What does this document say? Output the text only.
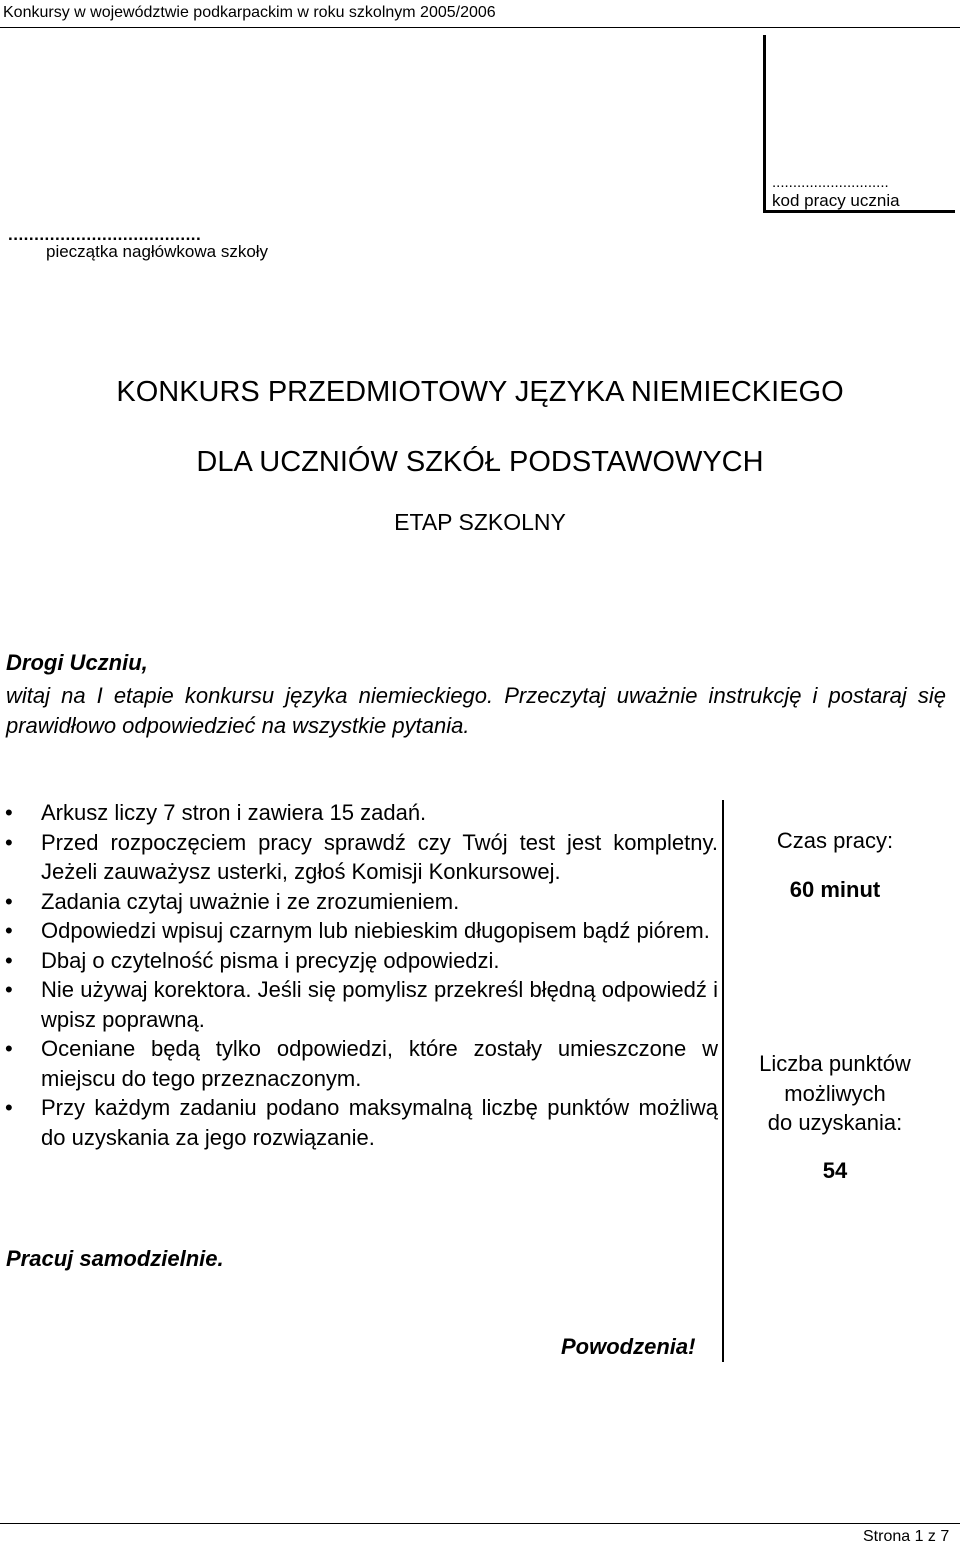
Konkursy w województwie podkarpackim w roku szkolnym 2005/2006
............................
kod pracy ucznia
.....................................
pieczątka nagłówkowa szkoły
KONKURS PRZEDMIOTOWY JĘZYKA NIEMIECKIEGO
DLA UCZNIÓW SZKÓŁ PODSTAWOWYCH
ETAP SZKOLNY
Drogi Uczniu,
witaj na I etapie konkursu języka niemieckiego. Przeczytaj uważnie instrukcję i postaraj się prawidłowo odpowiedzieć na wszystkie pytania.
• Arkusz liczy 7 stron i zawiera 15 zadań.
• Przed rozpoczęciem pracy sprawdź czy Twój test jest kompletny. Jeżeli zauważysz usterki, zgłoś Komisji Konkursowej.
• Zadania czytaj uważnie i ze zrozumieniem.
• Odpowiedzi wpisuj czarnym lub niebieskim długopisem bądź piórem.
• Dbaj o czytelność pisma i precyzję odpowiedzi.
• Nie używaj korektora. Jeśli się pomylisz przekreśl błędną odpowiedź i wpisz poprawną.
• Oceniane będą tylko odpowiedzi, które zostały umieszczone w miejscu do tego przeznaczonym.
• Przy każdym zadaniu podano maksymalną liczbę punktów możliwą do uzyskania za jego rozwiązanie.
Czas pracy:
60 minut
Liczba punktów
możliwych
do uzyskania:
54
Pracuj samodzielnie.
Powodzenia!
Strona 1 z 7
